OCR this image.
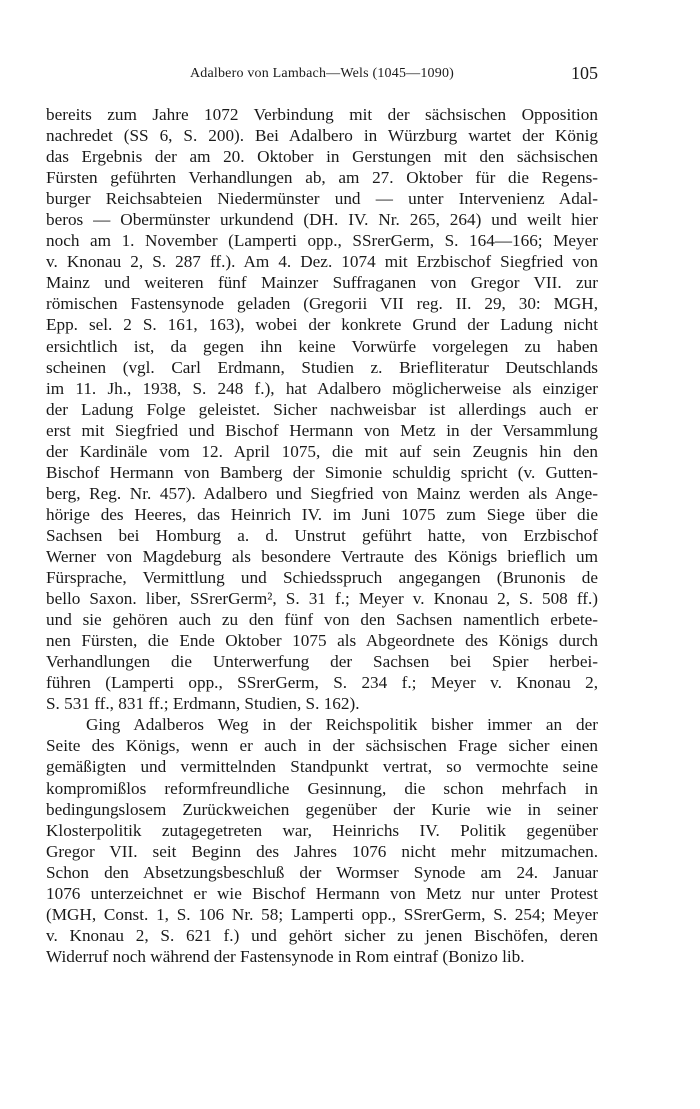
Adalbero von Lambach—Wels (1045—1090)	105
bereits zum Jahre 1072 Verbindung mit der sächsischen Opposition
nachredet (SS 6, S. 200). Bei Adalbero in Würzburg wartet der König
das Ergebnis der am 20. Oktober in Gerstungen mit den sächsischen
Fürsten geführten Verhandlungen ab, am 27. Oktober für die Regens-
burger Reichsabteien Niedermünster und — unter Intervenienz Adal-
beros — Obermünster urkundend (DH. IV. Nr. 265, 264) und weilt hier
noch am 1. November (Lamperti opp., SSrerGerm, S. 164—166; Meyer
v. Knonau 2, S. 287 ff.). Am 4. Dez. 1074 mit Erzbischof Siegfried von
Mainz und weiteren fünf Mainzer Suffraganen von Gregor VII. zur
römischen Fastensynode geladen (Gregorii VII reg. II. 29, 30: MGH,
Epp. sel. 2 S. 161, 163), wobei der konkrete Grund der Ladung nicht
ersichtlich ist, da gegen ihn keine Vorwürfe vorgelegen zu haben
scheinen (vgl. Carl Erdmann, Studien z. Briefliteratur Deutschlands
im 11. Jh., 1938, S. 248 f.), hat Adalbero möglicherweise als einziger
der Ladung Folge geleistet. Sicher nachweisbar ist allerdings auch er
erst mit Siegfried und Bischof Hermann von Metz in der Versammlung
der Kardinäle vom 12. April 1075, die mit auf sein Zeugnis hin den
Bischof Hermann von Bamberg der Simonie schuldig spricht (v. Gutten-
berg, Reg. Nr. 457). Adalbero und Siegfried von Mainz werden als Ange-
hörige des Heeres, das Heinrich IV. im Juni 1075 zum Siege über die
Sachsen bei Homburg a. d. Unstrut geführt hatte, von Erzbischof
Werner von Magdeburg als besondere Vertraute des Königs brieflich um
Fürsprache, Vermittlung und Schiedsspruch angegangen (Brunonis de
bello Saxon. liber, SSrerGerm², S. 31 f.; Meyer v. Knonau 2, S. 508 ff.)
und sie gehören auch zu den fünf von den Sachsen namentlich erbete-
nen Fürsten, die Ende Oktober 1075 als Abgeordnete des Königs durch
Verhandlungen die Unterwerfung der Sachsen bei Spier herbei-
führen (Lamperti opp., SSrerGerm, S. 234 f.; Meyer v. Knonau 2,
S. 531 ff., 831 ff.; Erdmann, Studien, S. 162).
Ging Adalberos Weg in der Reichspolitik bisher immer an der
Seite des Königs, wenn er auch in der sächsischen Frage sicher einen
gemäßigten und vermittelnden Standpunkt vertrat, so vermochte seine
kompromißlos reformfreundliche Gesinnung, die schon mehrfach in
bedingungslosem Zurückweichen gegenüber der Kurie wie in seiner
Klosterpolitik zutagegetreten war, Heinrichs IV. Politik gegenüber
Gregor VII. seit Beginn des Jahres 1076 nicht mehr mitzumachen.
Schon den Absetzungsbeschluß der Wormser Synode am 24. Januar
1076 unterzeichnet er wie Bischof Hermann von Metz nur unter Protest
(MGH, Const. 1, S. 106 Nr. 58; Lamperti opp., SSrerGerm, S. 254; Meyer
v. Knonau 2, S. 621 f.) und gehört sicher zu jenen Bischöfen, deren
Widerruf noch während der Fastensynode in Rom eintraf (Bonizo lib.
